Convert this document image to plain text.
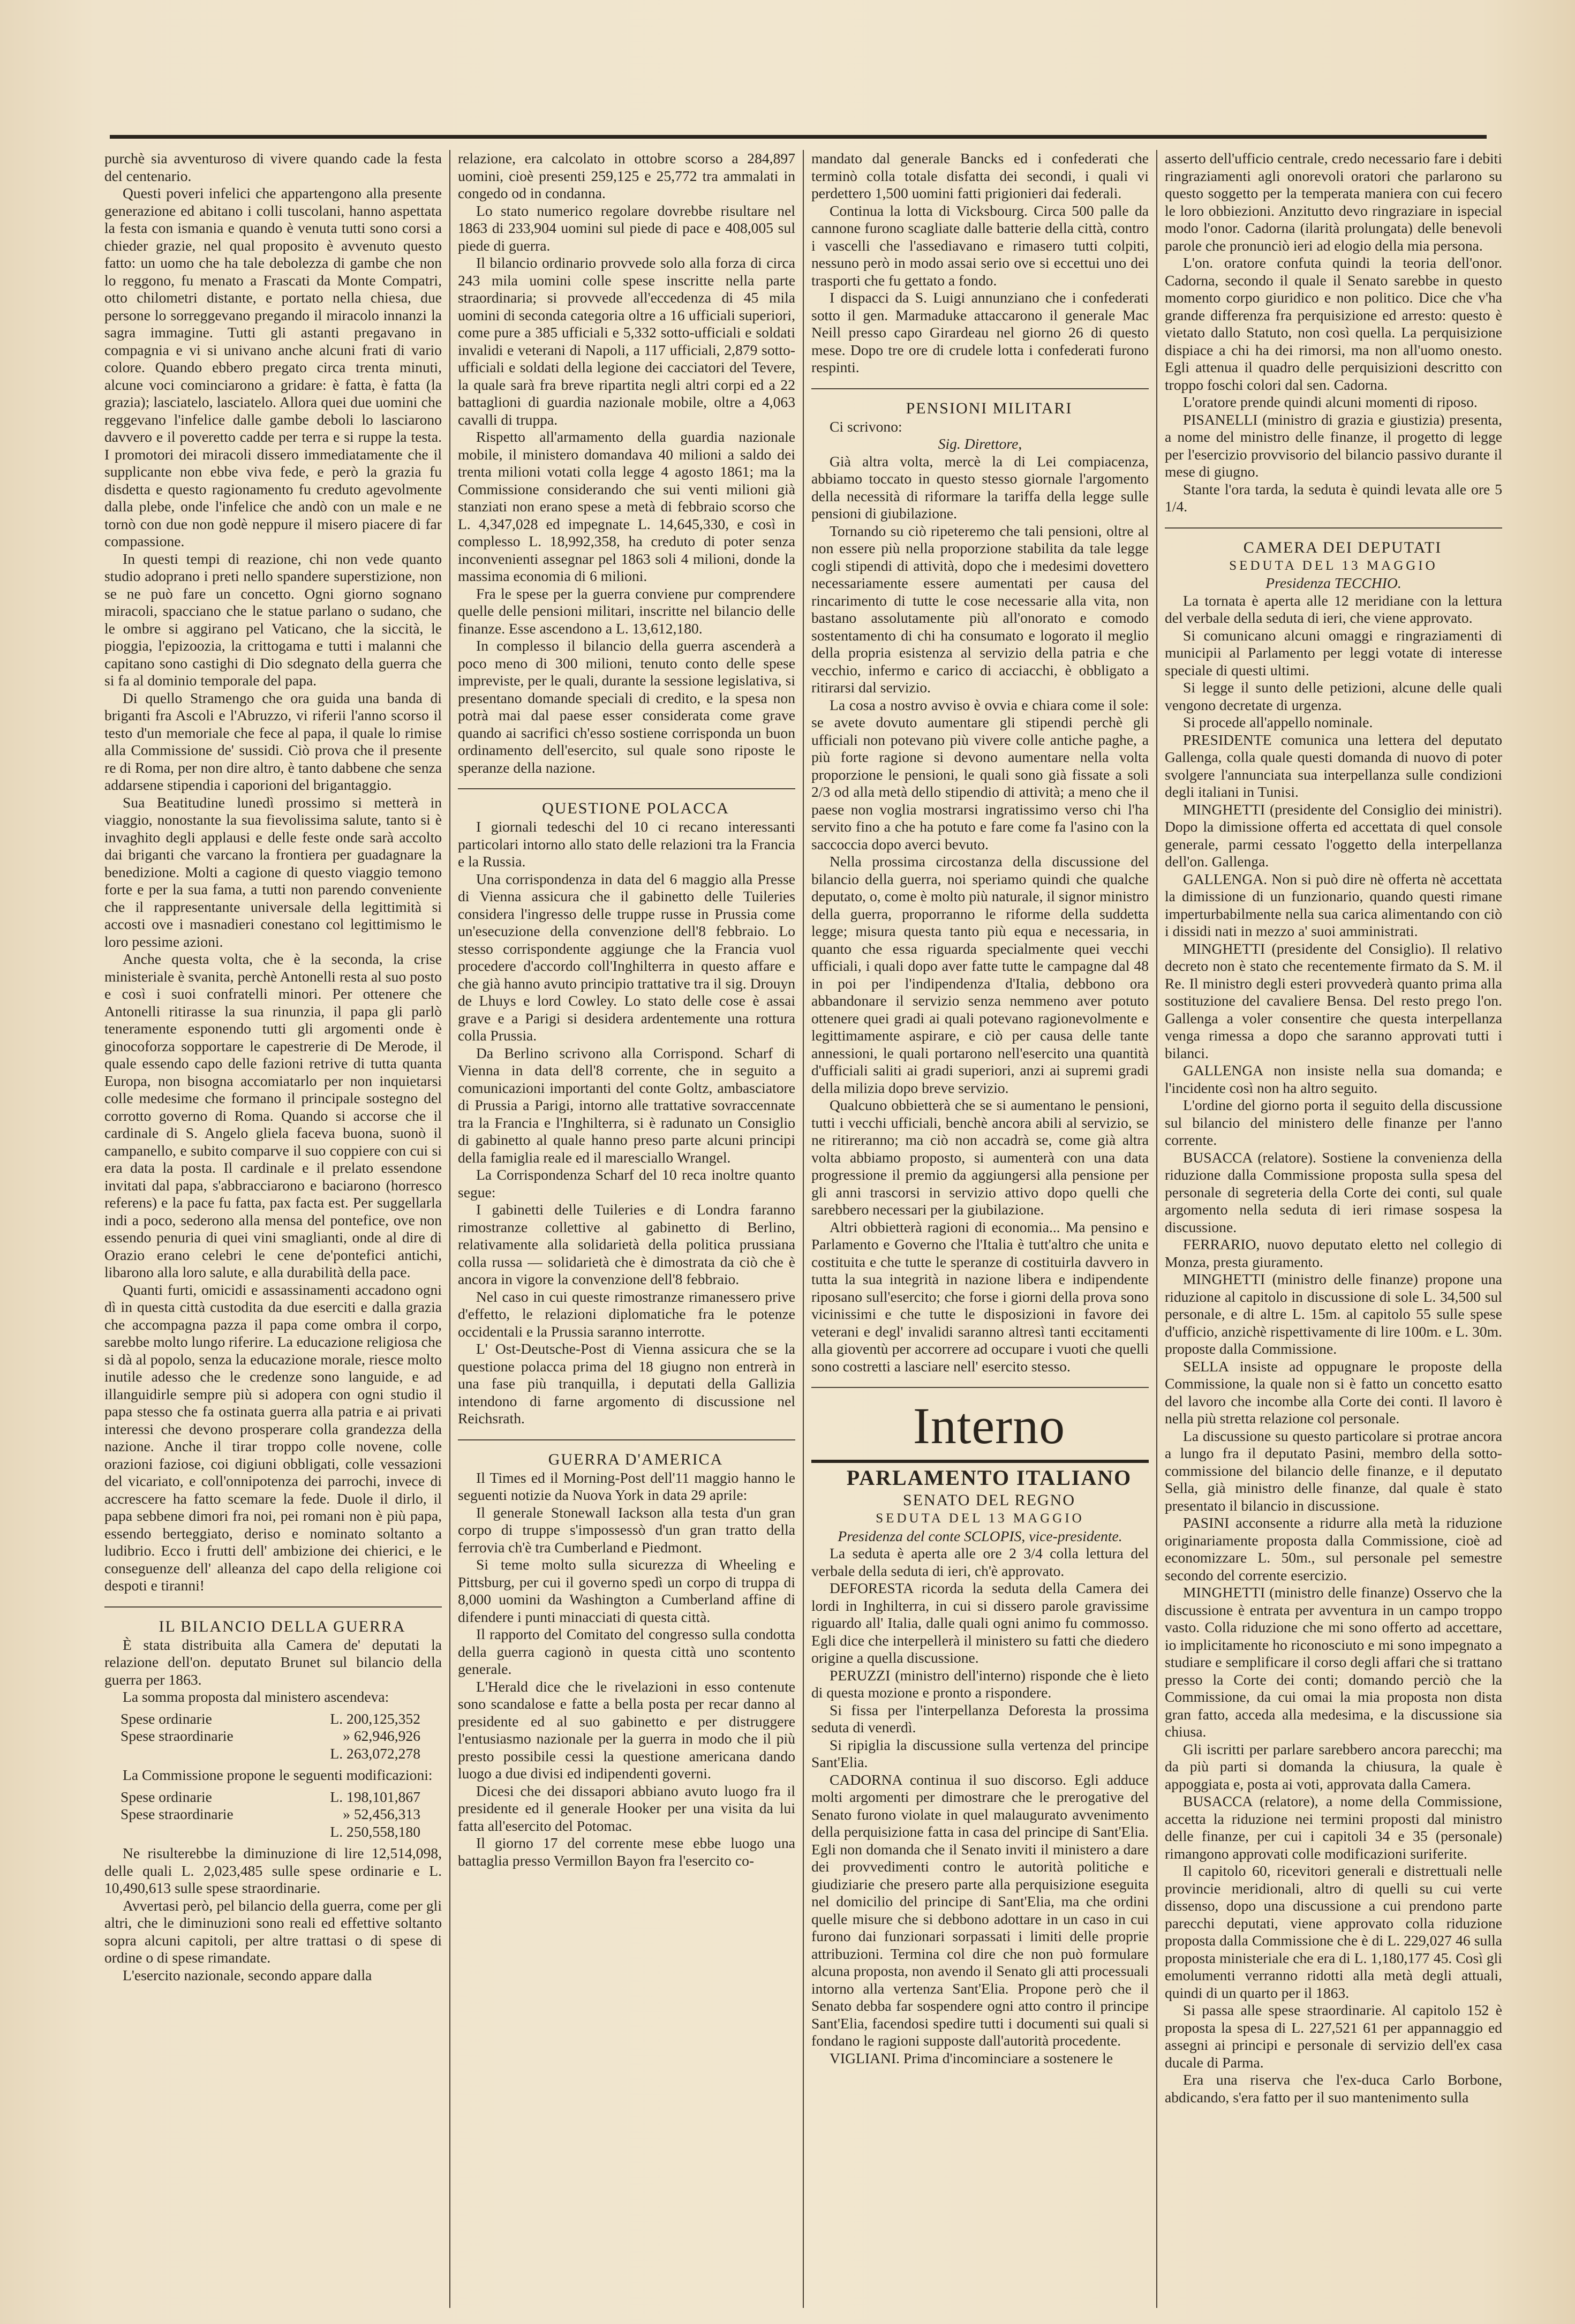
purchè sia avventuroso di vivere quando cade la festa del centenario.

Questi poveri infelici che appartengono alla presente generazione ed abitano i colli tuscolani, hanno aspettata la festa con ismania e quando è venuta tutti sono corsi a chieder grazie, nel qual proposito è avvenuto questo fatto: un uomo che ha tale debolezza di gambe che non lo reggono, fu menato a Frascati da Monte Compatri, otto chilometri distante, e portato nella chiesa, due persone lo sorreggevano pregando il miracolo innanzi la sagra immagine. Tutti gli astanti pregavano in compagnia e vi si univano anche alcuni frati di vario colore. Quando ebbero pregato circa trenta minuti, alcune voci cominciarono a gridare: è fatta, è fatta (la grazia); lasciatelo, lasciatelo. Allora quei due uomini che reggevano l'infelice dalle gambe deboli lo lasciarono davvero e il poveretto cadde per terra e si ruppe la testa. I promotori dei miracoli dissero immediatamente che il supplicante non ebbe viva fede, e però la grazia fu disdetta e questo ragionamento fu creduto agevolmente dalla plebe, onde l'infelice che andò con un male e ne tornò con due non godè neppure il misero piacere di far compassione.

In questi tempi di reazione, chi non vede quanto studio adoprano i preti nello spandere superstizione, non se ne può fare un concetto. Ogni giorno sognano miracoli, spacciano che le statue parlano o sudano, che le ombre si aggirano pel Vaticano, che la siccità, le pioggia, l'epizoozia, la crittogama e tutti i malanni che capitano sono castighi di Dio sdegnato della guerra che si fa al dominio temporale del papa.

Di quello Stramengo che ora guida una banda di briganti fra Ascoli e l'Abruzzo, vi riferii l'anno scorso il testo d'un memoriale che fece al papa, il quale lo rimise alla Commissione de' sussidi. Ciò prova che il presente re di Roma, per non dire altro, è tanto dabbene che senza addarsene stipendia i caporioni del brigantaggio.

Sua Beatitudine lunedì prossimo si metterà in viaggio, nonostante la sua fievolissima salute, tanto si è invaghito degli applausi e delle feste onde sarà accolto dai briganti che varcano la frontiera per guadagnare la benedizione. Molti a cagione di questo viaggio temono forte e per la sua fama, a tutti non parendo conveniente che il rappresentante universale della legittimità si accosti ove i masnadieri conestano col legittimismo le loro pessime azioni.

Anche questa volta, che è la seconda, la crise ministeriale è svanita, perchè Antonelli resta al suo posto e così i suoi confratelli minori. Per ottenere che Antonelli ritirasse la sua rinunzia, il papa gli parlò teneramente esponendo tutti gli argomenti onde è ginocoforza sopportare le capestrerie di De Merode, il quale essendo capo delle fazioni retrive di tutta quanta Europa, non bisogna accomiatarlo per non inquietarsi colle medesime che formano il principale sostegno del corrotto governo di Roma. Quando si accorse che il cardinale di S. Angelo gliela faceva buona, suonò il campanello, e subito comparve il suo coppiere con cui si era data la posta. Il cardinale e il prelato essendone invitati dal papa, s'abbracciarono e baciarono (horresco referens) e la pace fu fatta, pax facta est. Per suggellarla indi a poco, sederono alla mensa del pontefice, ove non essendo penuria di quei vini smaglianti, onde al dire di Orazio erano celebri le cene de'pontefici antichi, libarono alla loro salute, e alla durabilità della pace.

Quanti furti, omicidi e assassinamenti accadono ogni dì in questa città custodita da due eserciti e dalla grazia che accompagna pazza il papa come ombra il corpo, sarebbe molto lungo riferire. La educazione religiosa che si dà al popolo, senza la educazione morale, riesce molto inutile adesso che le credenze sono languide, e ad illanguidirle sempre più si adopera con ogni studio il papa stesso che fa ostinata guerra alla patria e ai privati interessi che devono prosperare colla grandezza della nazione. Anche il tirar troppo colle novene, colle orazioni faziose, coi digiuni obbligati, colle vessazioni del vicariato, e coll'onnipotenza dei parrochi, invece di accrescere ha fatto scemare la fede. Duole il dirlo, il papa sebbene dimori fra noi, pei romani non è più papa, essendo berteggiato, deriso e nominato soltanto a ludibrio. Ecco i frutti dell' ambizione dei chierici, e le conseguenze dell' alleanza del capo della religione coi despoti e tiranni!

IL BILANCIO DELLA GUERRA

È stata distribuita alla Camera de' deputati la relazione dell'on. deputato Brunet sul bilancio della guerra per 1863.

La somma proposta dal ministero ascendeva:

Spese ordinarie	L. 200,125,352
Spese straordinarie	» 62,946,926
L. 263,072,278

La Commissione propone le seguenti modificazioni:

Spese ordinarie	L. 198,101,867
Spese straordinarie	» 52,456,313
L. 250,558,180

Ne risulterebbe la diminuzione di lire 12,514,098, delle quali L. 2,023,485 sulle spese ordinarie e L. 10,490,613 sulle spese straordinarie.

Avvertasi però, pel bilancio della guerra, come per gli altri, che le diminuzioni sono reali ed effettive soltanto sopra alcuni capitoli, per altre trattasi o di spese di ordine o di spese rimandate.

L'esercito nazionale, secondo appare dalla

relazione, era calcolato in ottobre scorso a 284,897 uomini, cioè presenti 259,125 e 25,772 tra ammalati in congedo od in condanna.

Lo stato numerico regolare dovrebbe risultare nel 1863 di 233,904 uomini sul piede di pace e 408,005 sul piede di guerra.

Il bilancio ordinario provvede solo alla forza di circa 243 mila uomini colle spese inscritte nella parte straordinaria; si provvede all'eccedenza di 45 mila uomini di seconda categoria oltre a 16 ufficiali superiori, come pure a 385 ufficiali e 5,332 sotto-ufficiali e soldati invalidi e veterani di Napoli, a 117 ufficiali, 2,879 sotto-ufficiali e soldati della legione dei cacciatori del Tevere, la quale sarà fra breve ripartita negli altri corpi ed a 22 battaglioni di guardia nazionale mobile, oltre a 4,063 cavalli di truppa.

Rispetto all'armamento della guardia nazionale mobile, il ministero domandava 40 milioni a saldo dei trenta milioni votati colla legge 4 agosto 1861; ma la Commissione considerando che sui venti milioni già stanziati non erano spese a metà di febbraio scorso che L. 4,347,028 ed impegnate L. 14,645,330, e così in complesso L. 18,992,358, ha creduto di poter senza inconvenienti assegnar pel 1863 soli 4 milioni, donde la massima economia di 6 milioni.

Fra le spese per la guerra conviene pur comprendere quelle delle pensioni militari, inscritte nel bilancio delle finanze. Esse ascendono a L. 13,612,180.

In complesso il bilancio della guerra ascenderà a poco meno di 300 milioni, tenuto conto delle spese impreviste, per le quali, durante la sessione legislativa, si presentano domande speciali di credito, e la spesa non potrà mai dal paese esser considerata come grave quando ai sacrifici ch'esso sostiene corrisponda un buon ordinamento dell'esercito, sul quale sono riposte le speranze della nazione.

QUESTIONE POLACCA

I giornali tedeschi del 10 ci recano interessanti particolari intorno allo stato delle relazioni tra la Francia e la Russia.

Una corrispondenza in data del 6 maggio alla Presse di Vienna assicura che il gabinetto delle Tuileries considera l'ingresso delle truppe russe in Prussia come un'esecuzione della convenzione dell'8 febbraio. Lo stesso corrispondente aggiunge che la Francia vuol procedere d'accordo coll'Inghilterra in questo affare e che già hanno avuto principio trattative tra il sig. Drouyn de Lhuys e lord Cowley. Lo stato delle cose è assai grave e a Parigi si desidera ardentemente una rottura colla Prussia.

Da Berlino scrivono alla Corrispond. Scharf di Vienna in data dell'8 corrente, che in seguito a comunicazioni importanti del conte Goltz, ambasciatore di Prussia a Parigi, intorno alle trattative sovraccennate tra la Francia e l'Inghilterra, si è radunato un Consiglio di gabinetto al quale hanno preso parte alcuni principi della famiglia reale ed il maresciallo Wrangel.

La Corrispondenza Scharf del 10 reca inoltre quanto segue:

I gabinetti delle Tuileries e di Londra faranno rimostranze collettive al gabinetto di Berlino, relativamente alla solidarietà della politica prussiana colla russa — solidarietà che è dimostrata da ciò che è ancora in vigore la convenzione dell'8 febbraio.

Nel caso in cui queste rimostranze rimanessero prive d'effetto, le relazioni diplomatiche fra le potenze occidentali e la Prussia saranno interrotte.

L' Ost-Deutsche-Post di Vienna assicura che se la questione polacca prima del 18 giugno non entrerà in una fase più tranquilla, i deputati della Gallizia intendono di farne argomento di discussione nel Reichsrath.

GUERRA D'AMERICA

Il Times ed il Morning-Post dell'11 maggio hanno le seguenti notizie da Nuova York in data 29 aprile:

Il generale Stonewall Iackson alla testa d'un gran corpo di truppe s'impossessò d'un gran tratto della ferrovia ch'è tra Cumberland e Piedmont.

Si teme molto sulla sicurezza di Wheeling e Pittsburg, per cui il governo spedì un corpo di truppa di 8,000 uomini da Washington a Cumberland affine di difendere i punti minacciati di questa città.

Il rapporto del Comitato del congresso sulla condotta della guerra cagionò in questa città uno scontento generale.

L'Herald dice che le rivelazioni in esso contenute sono scandalose e fatte a bella posta per recar danno al presidente ed al suo gabinetto e per distruggere l'entusiasmo nazionale per la guerra in modo che il più presto possibile cessi la questione americana dando luogo a due divisi ed indipendenti governi.

Dicesi che dei dissapori abbiano avuto luogo fra il presidente ed il generale Hooker per una visita da lui fatta all'esercito del Potomac.

Il giorno 17 del corrente mese ebbe luogo una battaglia presso Vermillon Bayon fra l'esercito co-

mandato dal generale Bancks ed i confederati che terminò colla totale disfatta dei secondi, i quali vi perdettero 1,500 uomini fatti prigionieri dai federali.

Continua la lotta di Vicksbourg. Circa 500 palle da cannone furono scagliate dalle batterie della città, contro i vascelli che l'assediavano e rimasero tutti colpiti, nessuno però in modo assai serio ove si eccettui uno dei trasporti che fu gettato a fondo.

I dispacci da S. Luigi annunziano che i confederati sotto il gen. Marmaduke attaccarono il generale Mac Neill presso capo Girardeau nel giorno 26 di questo mese. Dopo tre ore di crudele lotta i confederati furono respinti.

PENSIONI MILITARI

Ci scrivono:

Sig. Direttore,

Già altra volta, mercè la di Lei compiacenza, abbiamo toccato in questo stesso giornale l'argomento della necessità di riformare la tariffa della legge sulle pensioni di giubilazione.

Tornando su ciò ripeteremo che tali pensioni, oltre al non essere più nella proporzione stabilita da tale legge cogli stipendi di attività, dopo che i medesimi dovettero necessariamente essere aumentati per causa del rincarimento di tutte le cose necessarie alla vita, non bastano assolutamente più all'onorato e comodo sostentamento di chi ha consumato e logorato il meglio della propria esistenza al servizio della patria e che vecchio, infermo e carico di acciacchi, è obbligato a ritirarsi dal servizio.

La cosa a nostro avviso è ovvia e chiara come il sole: se avete dovuto aumentare gli stipendi perchè gli ufficiali non potevano più vivere colle antiche paghe, a più forte ragione si devono aumentare nella volta proporzione le pensioni, le quali sono già fissate a soli 2/3 od alla metà dello stipendio di attività; a meno che il paese non voglia mostrarsi ingratissimo verso chi l'ha servito fino a che ha potuto e fare come fa l'asino con la saccoccia dopo averci bevuto.

Nella prossima circostanza della discussione del bilancio della guerra, noi speriamo quindi che qualche deputato, o, come è molto più naturale, il signor ministro della guerra, proporranno le riforme della suddetta legge; misura questa tanto più equa e necessaria, in quanto che essa riguarda specialmente quei vecchi ufficiali, i quali dopo aver fatte tutte le campagne dal 48 in poi per l'indipendenza d'Italia, debbono ora abbandonare il servizio senza nemmeno aver potuto ottenere quei gradi ai quali potevano ragionevolmente e legittimamente aspirare, e ciò per causa delle tante annessioni, le quali portarono nell'esercito una quantità d'ufficiali saliti ai gradi superiori, anzi ai supremi gradi della milizia dopo breve servizio.

Qualcuno obbietterà che se si aumentano le pensioni, tutti i vecchi ufficiali, benchè ancora abili al servizio, se ne ritireranno; ma ciò non accadrà se, come già altra volta abbiamo proposto, si aumenterà con una data progressione il premio da aggiungersi alla pensione per gli anni trascorsi in servizio attivo dopo quelli che sarebbero necessari per la giubilazione.

Altri obbietterà ragioni di economia... Ma pensino e Parlamento e Governo che l'Italia è tutt'altro che unita e costituita e che tutte le speranze di costituirla davvero in tutta la sua integrità in nazione libera e indipendente riposano sull'esercito; che forse i giorni della prova sono vicinissimi e che tutte le disposizioni in favore dei veterani e degl' invalidi saranno altresì tanti eccitamenti alla gioventù per accorrere ad occupare i vuoti che quelli sono costretti a lasciare nell' esercito stesso.

Interno

PARLAMENTO ITALIANO

SENATO DEL REGNO

SEDUTA DEL 13 MAGGIO

Presidenza del conte SCLOPIS, vice-presidente.

La seduta è aperta alle ore 2 3/4 colla lettura del verbale della seduta di ieri, ch'è approvato.

DEFORESTA ricorda la seduta della Camera dei lordi in Inghilterra, in cui si dissero parole gravissime riguardo all' Italia, dalle quali ogni animo fu commosso. Egli dice che interpellerà il ministero su fatti che diedero origine a quella discussione.

PERUZZI (ministro dell'interno) risponde che è lieto di questa mozione e pronto a rispondere.

Si fissa per l'interpellanza Deforesta la prossima seduta di venerdì.

Si ripiglia la discussione sulla vertenza del principe Sant'Elia.

CADORNA continua il suo discorso. Egli adduce molti argomenti per dimostrare che le prerogative del Senato furono violate in quel malaugurato avvenimento della perquisizione fatta in casa del principe di Sant'Elia. Egli non domanda che il Senato inviti il ministero a dare dei provvedimenti contro le autorità politiche e giudiziarie che presero parte alla perquisizione eseguita nel domicilio del principe di Sant'Elia, ma che ordini quelle misure che si debbono adottare in un caso in cui furono dai funzionari sorpassati i limiti delle proprie attribuzioni. Termina col dire che non può formulare alcuna proposta, non avendo il Senato gli atti processuali intorno alla vertenza Sant'Elia. Propone però che il Senato debba far sospendere ogni atto contro il principe Sant'Elia, facendosi spedire tutti i documenti sui quali si fondano le ragioni supposte dall'autorità procedente.

VIGLIANI. Prima d'incominciare a sostenere le

asserto dell'ufficio centrale, credo necessario fare i debiti ringraziamenti agli onorevoli oratori che parlarono su questo soggetto per la temperata maniera con cui fecero le loro obbiezioni. Anzitutto devo ringraziare in ispecial modo l'onor. Cadorna (ilarità prolungata) delle benevoli parole che pronunciò ieri ad elogio della mia persona.

L'on. oratore confuta quindi la teoria dell'onor. Cadorna, secondo il quale il Senato sarebbe in questo momento corpo giuridico e non politico. Dice che v'ha grande differenza fra perquisizione ed arresto: questo è vietato dallo Statuto, non così quella. La perquisizione dispiace a chi ha dei rimorsi, ma non all'uomo onesto. Egli attenua il quadro delle perquisizioni descritto con troppo foschi colori dal sen. Cadorna.

L'oratore prende quindi alcuni momenti di riposo.

PISANELLI (ministro di grazia e giustizia) presenta, a nome del ministro delle finanze, il progetto di legge per l'esercizio provvisorio del bilancio passivo durante il mese di giugno.

Stante l'ora tarda, la seduta è quindi levata alle ore 5 1/4.

CAMERA DEI DEPUTATI

SEDUTA DEL 13 MAGGIO

Presidenza TECCHIO.

La tornata è aperta alle 12 meridiane con la lettura del verbale della seduta di ieri, che viene approvato.

Si comunicano alcuni omaggi e ringraziamenti di municipii al Parlamento per leggi votate di interesse speciale di questi ultimi.

Si legge il sunto delle petizioni, alcune delle quali vengono decretate di urgenza.

Si procede all'appello nominale.

PRESIDENTE comunica una lettera del deputato Gallenga, colla quale questi domanda di nuovo di poter svolgere l'annunciata sua interpellanza sulle condizioni degli italiani in Tunisi.

MINGHETTI (presidente del Consiglio dei ministri). Dopo la dimissione offerta ed accettata di quel console generale, parmi cessato l'oggetto della interpellanza dell'on. Gallenga.

GALLENGA. Non si può dire nè offerta nè accettata la dimissione di un funzionario, quando questi rimane imperturbabilmente nella sua carica alimentando con ciò i dissidi nati in mezzo a' suoi amministrati.

MINGHETTI (presidente del Consiglio). Il relativo decreto non è stato che recentemente firmato da S. M. il Re. Il ministro degli esteri provvederà quanto prima alla sostituzione del cavaliere Bensa. Del resto prego l'on. Gallenga a voler consentire che questa interpellanza venga rimessa a dopo che saranno approvati tutti i bilanci.

GALLENGA non insiste nella sua domanda; e l'incidente così non ha altro seguito.

L'ordine del giorno porta il seguito della discussione sul bilancio del ministero delle finanze per l'anno corrente.

BUSACCA (relatore). Sostiene la convenienza della riduzione dalla Commissione proposta sulla spesa del personale di segreteria della Corte dei conti, sul quale argomento nella seduta di ieri rimase sospesa la discussione.

FERRARIO, nuovo deputato eletto nel collegio di Monza, presta giuramento.

MINGHETTI (ministro delle finanze) propone una riduzione al capitolo in discussione di sole L. 34,500 sul personale, e di altre L. 15m. al capitolo 55 sulle spese d'ufficio, anzichè rispettivamente di lire 100m. e L. 30m. proposte dalla Commissione.

SELLA insiste ad oppugnare le proposte della Commissione, la quale non si è fatto un concetto esatto del lavoro che incombe alla Corte dei conti. Il lavoro è nella più stretta relazione col personale.

La discussione su questo particolare si protrae ancora a lungo fra il deputato Pasini, membro della sotto-commissione del bilancio delle finanze, e il deputato Sella, già ministro delle finanze, dal quale è stato presentato il bilancio in discussione.

PASINI acconsente a ridurre alla metà la riduzione originariamente proposta dalla Commissione, cioè ad economizzare L. 50m., sul personale pel semestre secondo del corrente esercizio.

MINGHETTI (ministro delle finanze) Osservo che la discussione è entrata per avventura in un campo troppo vasto. Colla riduzione che mi sono offerto ad accettare, io implicitamente ho riconosciuto e mi sono impegnato a studiare e semplificare il corso degli affari che si trattano presso la Corte dei conti; domando perciò che la Commissione, da cui omai la mia proposta non dista gran fatto, acceda alla medesima, e la discussione sia chiusa.

Gli iscritti per parlare sarebbero ancora parecchi; ma da più parti si domanda la chiusura, la quale è appoggiata e, posta ai voti, approvata dalla Camera.

BUSACCA (relatore), a nome della Commissione, accetta la riduzione nei termini proposti dal ministro delle finanze, per cui i capitoli 34 e 35 (personale) rimangono approvati colle modificazioni suriferite.

Il capitolo 60, ricevitori generali e distrettuali nelle provincie meridionali, altro di quelli su cui verte dissenso, dopo una discussione a cui prendono parte parecchi deputati, viene approvato colla riduzione proposta dalla Commissione che è di L. 229,027 46 sulla proposta ministeriale che era di L. 1,180,177 45. Così gli emolumenti verranno ridotti alla metà degli attuali, quindi di un quarto per il 1863.

Si passa alle spese straordinarie. Al capitolo 152 è proposta la spesa di L. 227,521 61 per appannaggio ed assegni ai principi e personale di servizio dell'ex casa ducale di Parma.

Era una riserva che l'ex-duca Carlo Borbone, abdicando, s'era fatto per il suo mantenimento sulla
